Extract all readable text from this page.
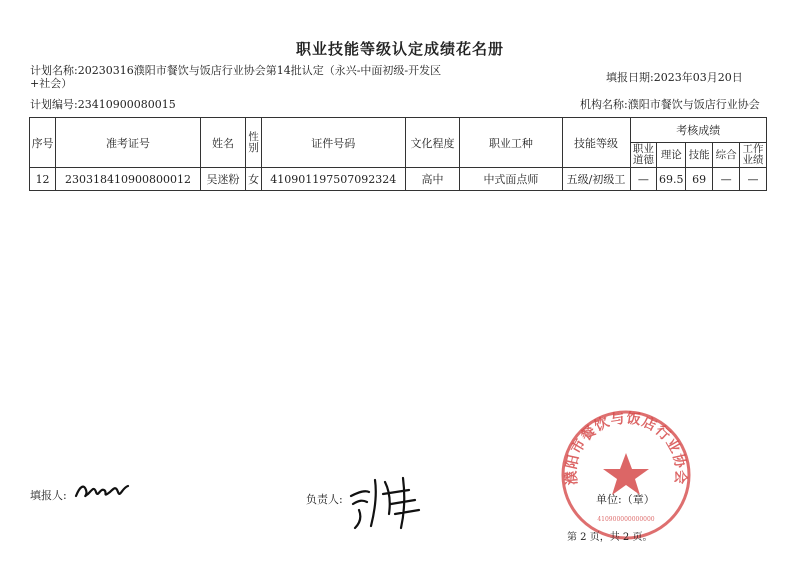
职业技能等级认定成绩花名册
计划名称:20230316濮阳市餐饮与饭店行业协会第14批认定（永兴-中面初级-开发区
+社会）	填报日期:2023年03月20日
计划编号:23410900080015	机构名称:濮阳市餐饮与饭店行业协会
序号	准考证号	姓名	性别	证件号码	文化程度	职业工种	技能等级	考核成绩				
								职业道德	理论	技能	综合	工作业绩
12	230318410900800012	吴迷粉	女	410901197507092324	高中	中式面点师	五级/初级工	—	69.5	69	—	—
填报人:	负责人:	单位:（章）
濮阳市餐饮与饭店行业协会
410900000000000
第 2 页，共 2 页。
